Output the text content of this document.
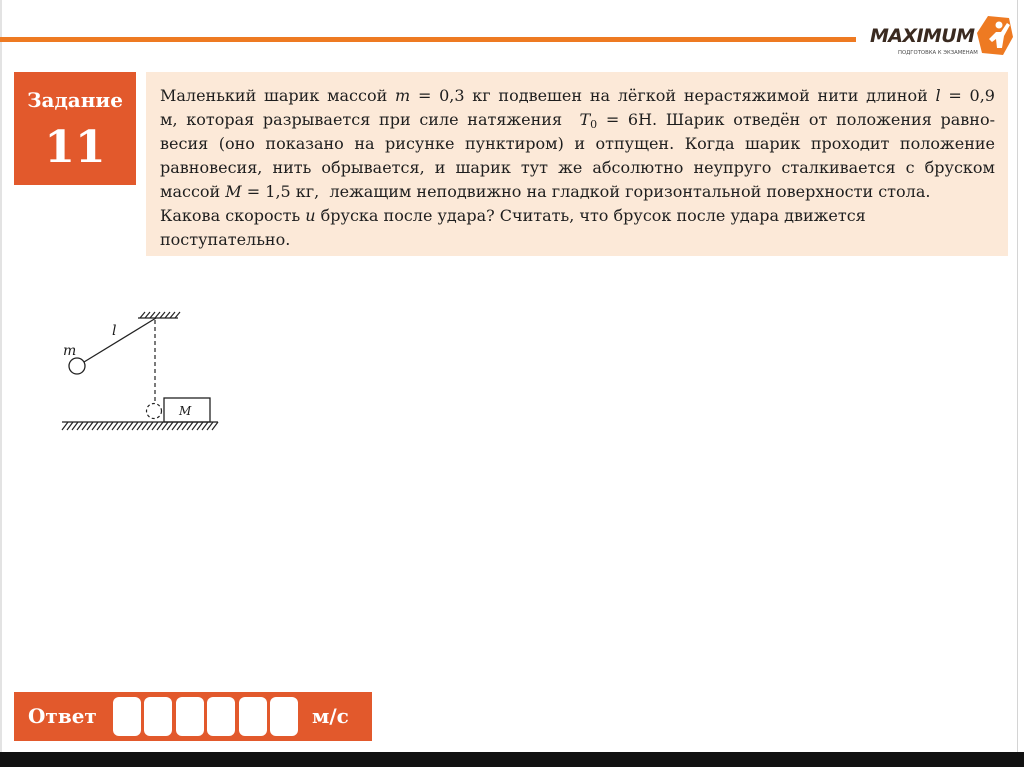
MAXIMUM
ПОДГОТОВКА К ЭКЗАМЕНАМ
Задание
11
Маленький шарик массой m = 0,3 кг подвешен на лёгкой нерастяжимой нити длиной l = 0,9
м, которая разрывается при силе натяжения  $T_0 = 6Н$. Шарик отведён от положения равно-
весия (оно показано на рисунке пунктиром) и отпущен. Когда шарик проходит положение
равновесия, нить обрывается, и шарик тут же абсолютно неупруго сталкивается с бруском
массой M = 1,5 кг,  лежащим неподвижно на гладкой горизонтальной поверхности стола.
Какова скорость u бруска после удара? Считать, что брусок после удара движется
поступательно.
m
l
M
Ответ	м/с
